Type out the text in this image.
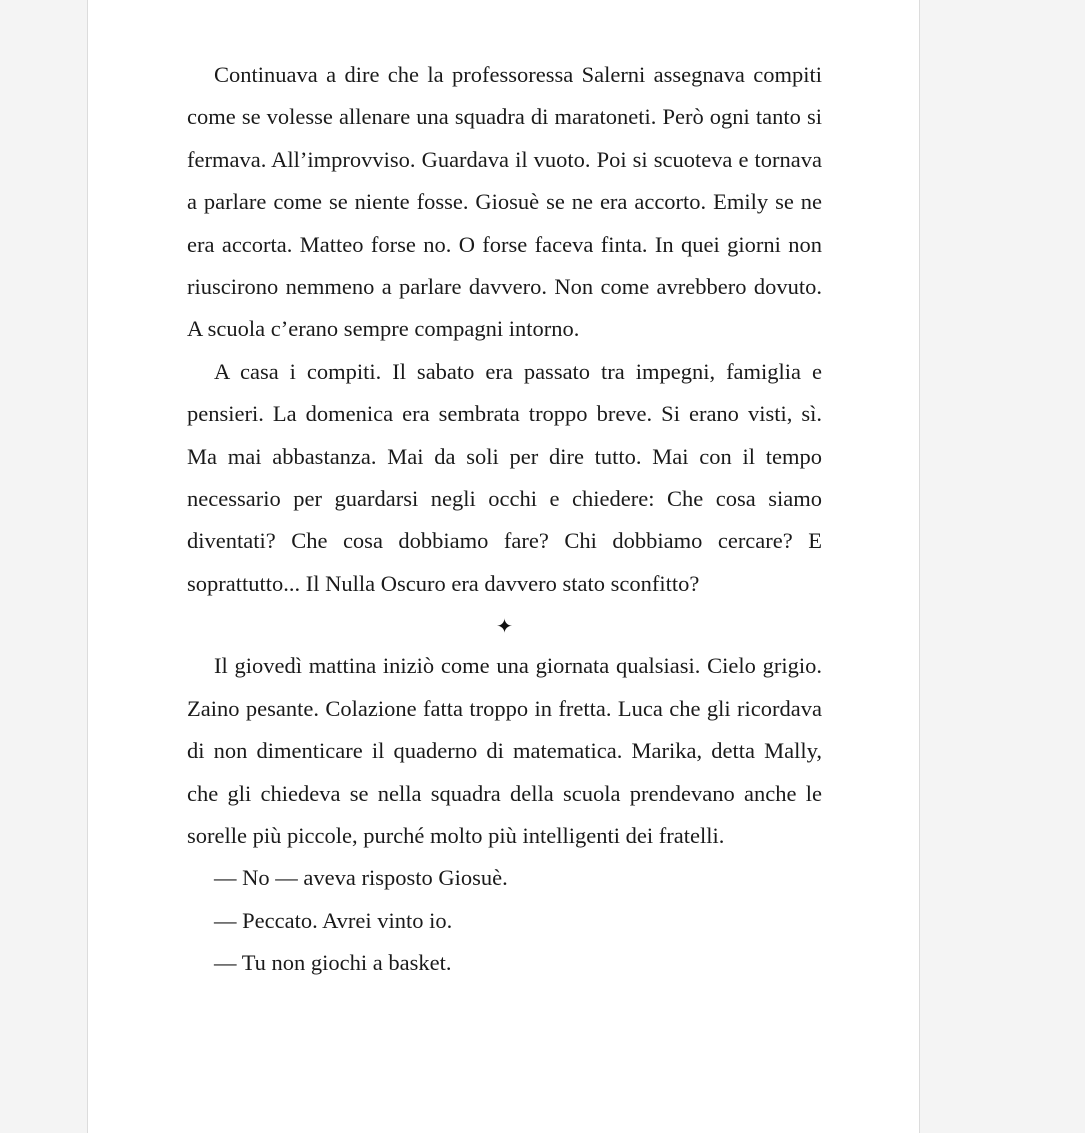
Continuava a dire che la professoressa Salerni assegnava compiti come se volesse allenare una squadra di maratoneti. Però ogni tanto si fermava. All’improvviso. Guardava il vuoto. Poi si scuoteva e tornava a parlare come se niente fosse. Giosuè se ne era accorto. Emily se ne era accorta. Matteo forse no. O forse faceva finta. In quei giorni non riuscirono nemmeno a parlare davvero. Non come avrebbero dovuto. A scuola c’erano sempre compagni intorno.

A casa i compiti. Il sabato era passato tra impegni, famiglia e pensieri. La domenica era sembrata troppo breve. Si erano visti, sì. Ma mai abbastanza. Mai da soli per dire tutto. Mai con il tempo necessario per guardarsi negli occhi e chiedere: Che cosa siamo diventati? Che cosa dobbiamo fare? Chi dobbiamo cercare? E soprattutto... Il Nulla Oscuro era davvero stato sconfitto?

✦

Il giovedì mattina iniziò come una giornata qualsiasi. Cielo grigio. Zaino pesante. Colazione fatta troppo in fretta. Luca che gli ricordava di non dimenticare il quaderno di matematica. Marika, detta Mally, che gli chiedeva se nella squadra della scuola prendevano anche le sorelle più piccole, purché molto più intelligenti dei fratelli.

— No — aveva risposto Giosuè.

— Peccato. Avrei vinto io.

— Tu non giochi a basket.
